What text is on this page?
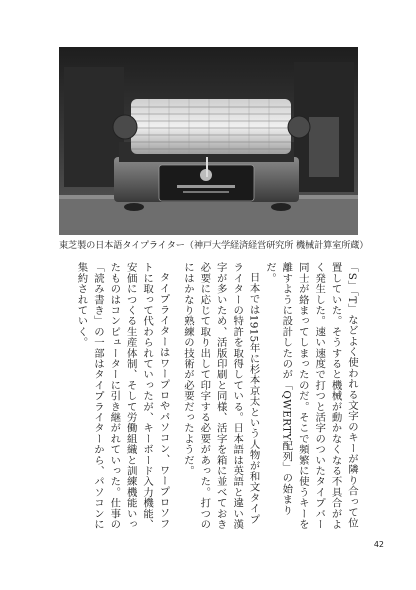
東芝製の日本語タイプライター（神戸大学経済経営研究所 機械計算室所蔵）

「S」「T」などよく使われる文字のキーが隣り合って位置していた。そうすると機械が動かなくなる不具合がよく発生した。速い速度で打つと活字のついたタイプバー同士が絡まってしまったのだ。そこで頻繁に使うキーを離すように設計したのが「QWERTY配列」の始まりだ。

日本では1915年に杉本京太という人物が和文タイプライターの特許を取得している。日本語は英語と違い漢字が多いため、活版印刷と同様、活字を箱に並べておき必要に応じて取り出して印字する必要があった。打つのにはかなり熟練の技術が必要だったようだ。

タイプライターはワープロやパソコン、ワープロソフトに取って代わられていったが、キーボード入力機能、安価につくる生産体制、そして労働組織と訓練機能いったものはコンピューターに引き継がれていった。仕事の「読み書き」の一部はタイプライターから、パソコンに集約されていく。

42
